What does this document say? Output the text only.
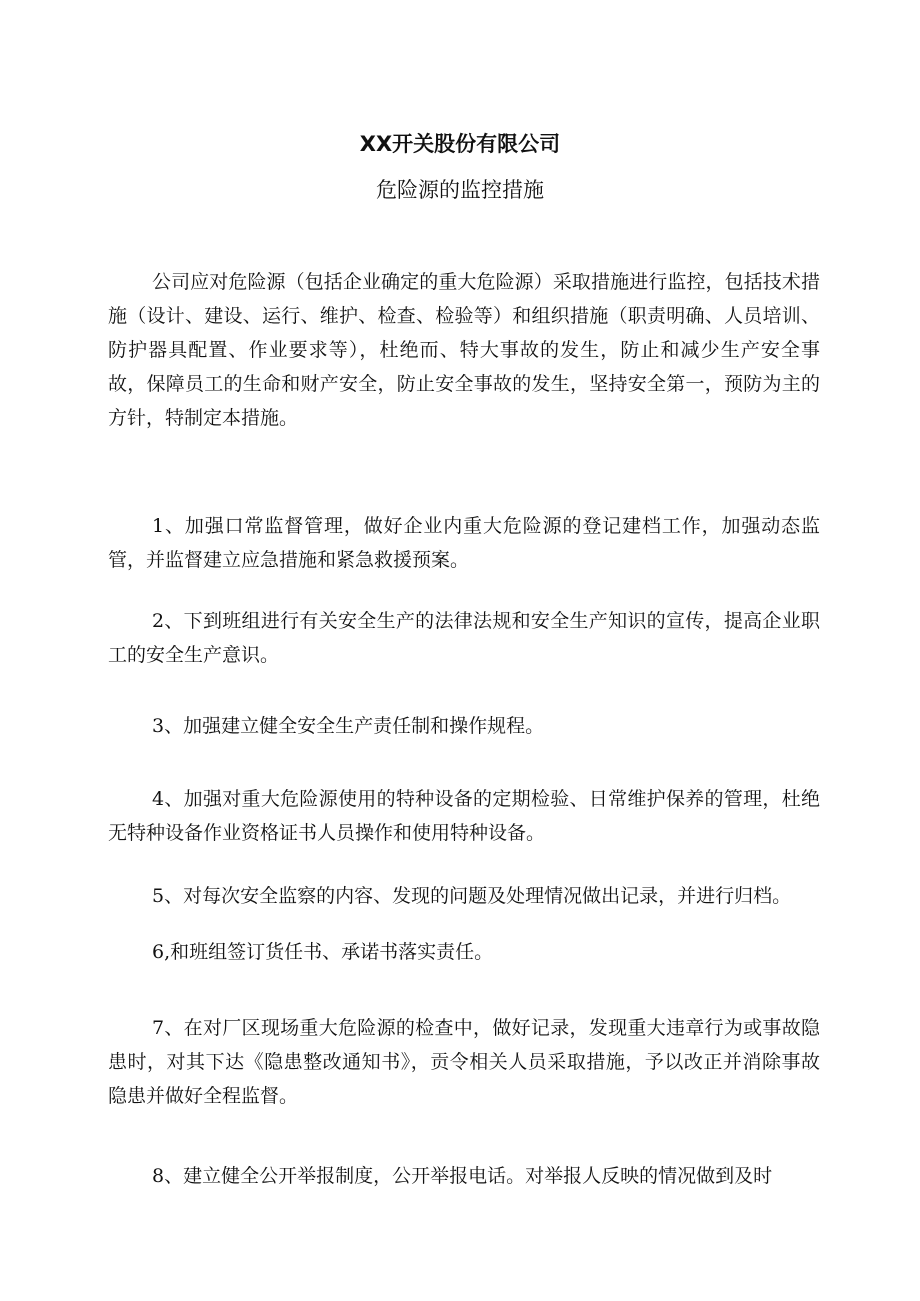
XX开关股份有限公司
危险源的监控措施

公司应对危险源（包括企业确定的重大危险源）采取措施进行监控，包括技术措施（设计、建设、运行、维护、检查、检验等）和组织措施（职责明确、人员培训、防护器具配置、作业要求等），杜绝而、特大事故的发生，防止和减少生产安全事故，保障员工的生命和财产安全，防止安全事故的发生，坚持安全第一，预防为主的方针，特制定本措施。

1、加强口常监督管理，做好企业内重大危险源的登记建档工作，加强动态监管，并监督建立应急措施和紧急救援预案。

2、下到班组进行有关安全生产的法律法规和安全生产知识的宣传，提高企业职工的安全生产意识。

3、加强建立健全安全生产责任制和操作规程。

4、加强对重大危险源使用的特种设备的定期检验、日常维护保养的管理，杜绝无特种设备作业资格证书人员操作和使用特种设备。

5、对每次安全监察的内容、发现的问题及处理情况做出记录，并进行归档。

6,和班组签订货任书、承诺书落实责任。

7、在对厂区现场重大危险源的检查中，做好记录，发现重大违章行为或事故隐患时，对其下达《隐患整改通知书》，贡令相关人员采取措施，予以改正并消除事故隐患并做好全程监督。

8、建立健全公开举报制度，公开举报电话。对举报人反映的情况做到及时
